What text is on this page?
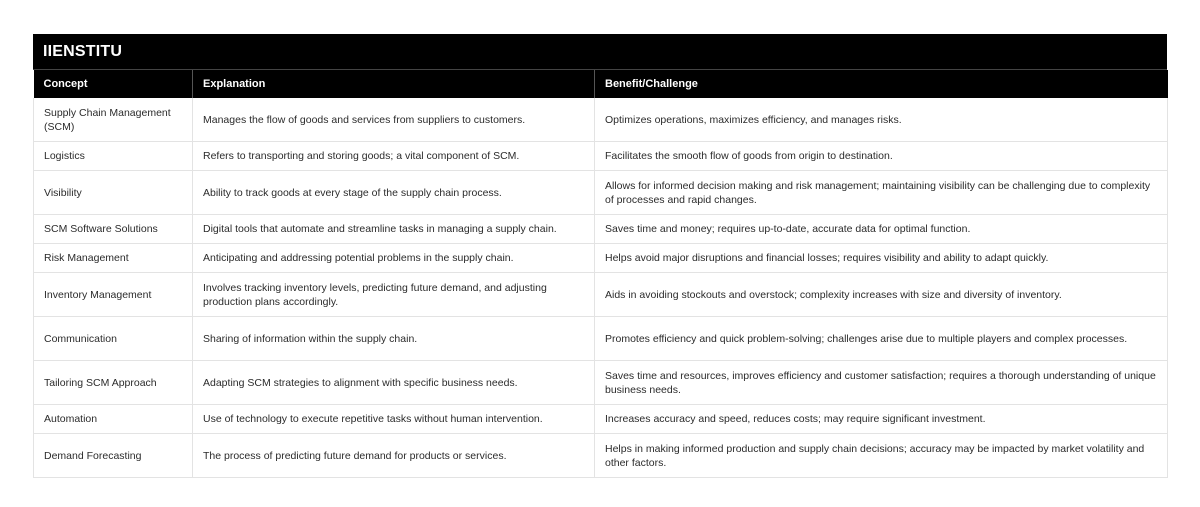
IIENSTITU
Concept	Explanation	Benefit/Challenge
Supply Chain Management (SCM)	Manages the flow of goods and services from suppliers to customers.	Optimizes operations, maximizes efficiency, and manages risks.
Logistics	Refers to transporting and storing goods; a vital component of SCM.	Facilitates the smooth flow of goods from origin to destination.
Visibility	Ability to track goods at every stage of the supply chain process.	Allows for informed decision making and risk management; maintaining visibility can be challenging due to complexity of processes and rapid changes.
SCM Software Solutions	Digital tools that automate and streamline tasks in managing a supply chain.	Saves time and money; requires up-to-date, accurate data for optimal function.
Risk Management	Anticipating and addressing potential problems in the supply chain.	Helps avoid major disruptions and financial losses; requires visibility and ability to adapt quickly.
Inventory Management	Involves tracking inventory levels, predicting future demand, and adjusting production plans accordingly.	Aids in avoiding stockouts and overstock; complexity increases with size and diversity of inventory.
Communication	Sharing of information within the supply chain.	Promotes efficiency and quick problem-solving; challenges arise due to multiple players and complex processes.
Tailoring SCM Approach	Adapting SCM strategies to alignment with specific business needs.	Saves time and resources, improves efficiency and customer satisfaction; requires a thorough understanding of unique business needs.
Automation	Use of technology to execute repetitive tasks without human intervention.	Increases accuracy and speed, reduces costs; may require significant investment.
Demand Forecasting	The process of predicting future demand for products or services.	Helps in making informed production and supply chain decisions; accuracy may be impacted by market volatility and other factors.
